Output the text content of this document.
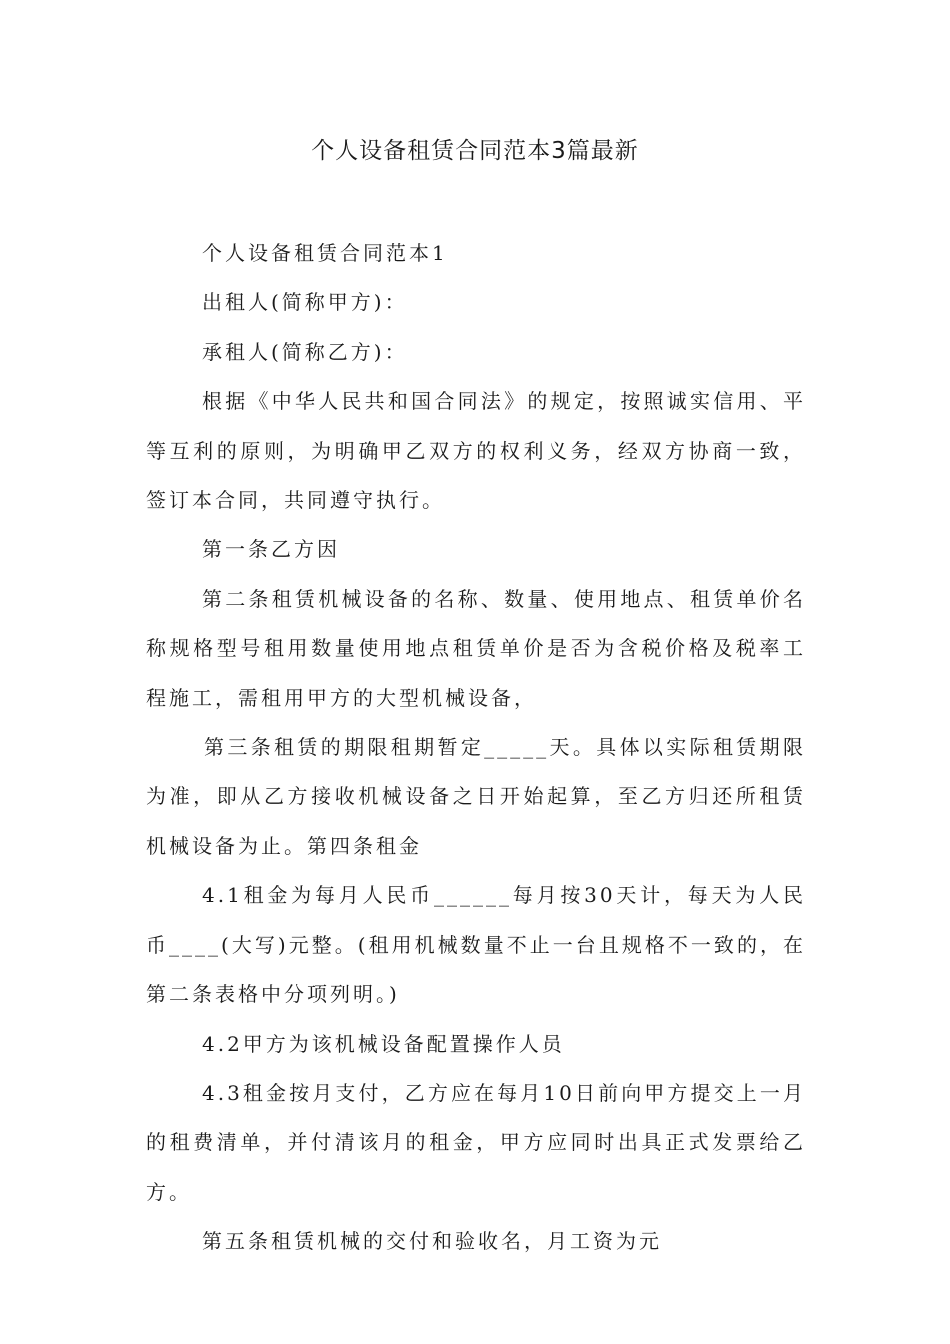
个人设备租赁合同范本3篇最新

个人设备租赁合同范本1

出租人(简称甲方)：

承租人(简称乙方)：

根据《中华人民共和国合同法》的规定，按照诚实信用、平等互利的原则，为明确甲乙双方的权利义务，经双方协商一致，签订本合同，共同遵守执行。

第一条乙方因

第二条租赁机械设备的名称、数量、使用地点、租赁单价名称规格型号租用数量使用地点租赁单价是否为含税价格及税率工程施工，需租用甲方的大型机械设备，

第三条租赁的期限租期暂定_____天。具体以实际租赁期限为准，即从乙方接收机械设备之日开始起算，至乙方归还所租赁机械设备为止。第四条租金

4.1租金为每月人民币______每月按30天计，每天为人民币____(大写)元整。(租用机械数量不止一台且规格不一致的，在第二条表格中分项列明。)

4.2甲方为该机械设备配置操作人员

4.3租金按月支付，乙方应在每月10日前向甲方提交上一月的租费清单，并付清该月的租金，甲方应同时出具正式发票给乙方。

第五条租赁机械的交付和验收名，月工资为元
